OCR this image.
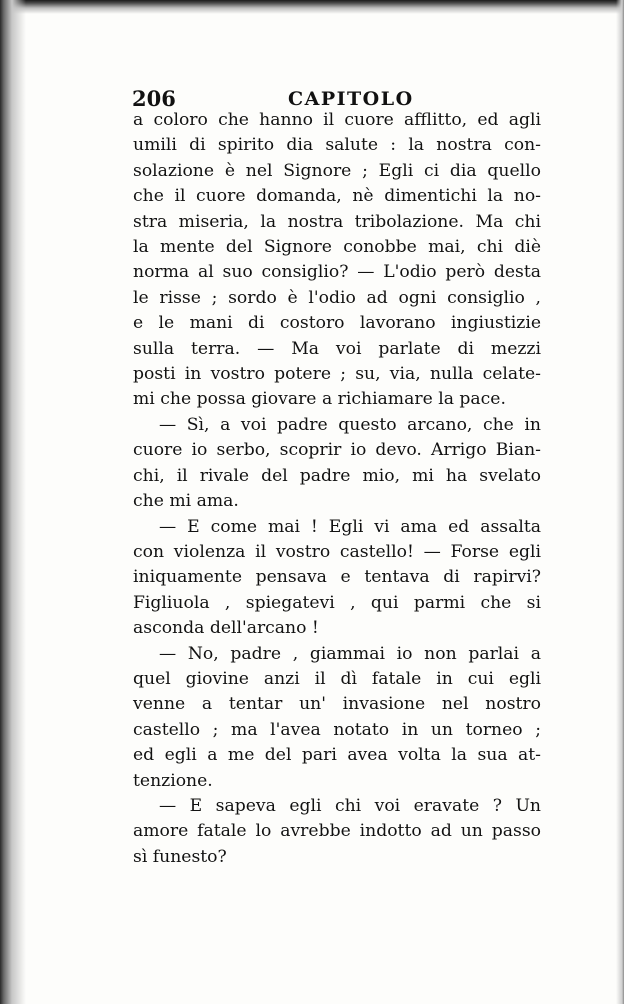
206	CAPITOLO
a coloro che hanno il cuore afflitto, ed agli
umili di spirito dia salute : la nostra con-
solazione è nel Signore ; Egli ci dia quello
che il cuore domanda, nè dimentichi la no-
stra miseria, la nostra tribolazione. Ma chi
la mente del Signore conobbe mai, chi diè
norma al suo consiglio? — L'odio però desta
le risse ; sordo è l'odio ad ogni consiglio ,
e le mani di costoro lavorano ingiustizie
sulla terra. — Ma voi parlate di mezzi
posti in vostro potere ; su, via, nulla celate-
mi che possa giovare a richiamare la pace.
— Sì, a voi padre questo arcano, che in
cuore io serbo, scoprir io devo. Arrigo Bian-
chi, il rivale del padre mio, mi ha svelato
che mi ama.
— E come mai ! Egli vi ama ed assalta
con violenza il vostro castello! — Forse egli
iniquamente pensava e tentava di rapirvi?
Figliuola , spiegatevi , qui parmi che si
asconda dell'arcano !
— No, padre , giammai io non parlai a
quel giovine anzi il dì fatale in cui egli
venne a tentar un' invasione nel nostro
castello ; ma l'avea notato in un torneo ;
ed egli a me del pari avea volta la sua at-
tenzione.
— E sapeva egli chi voi eravate ? Un
amore fatale lo avrebbe indotto ad un passo
sì funesto?
